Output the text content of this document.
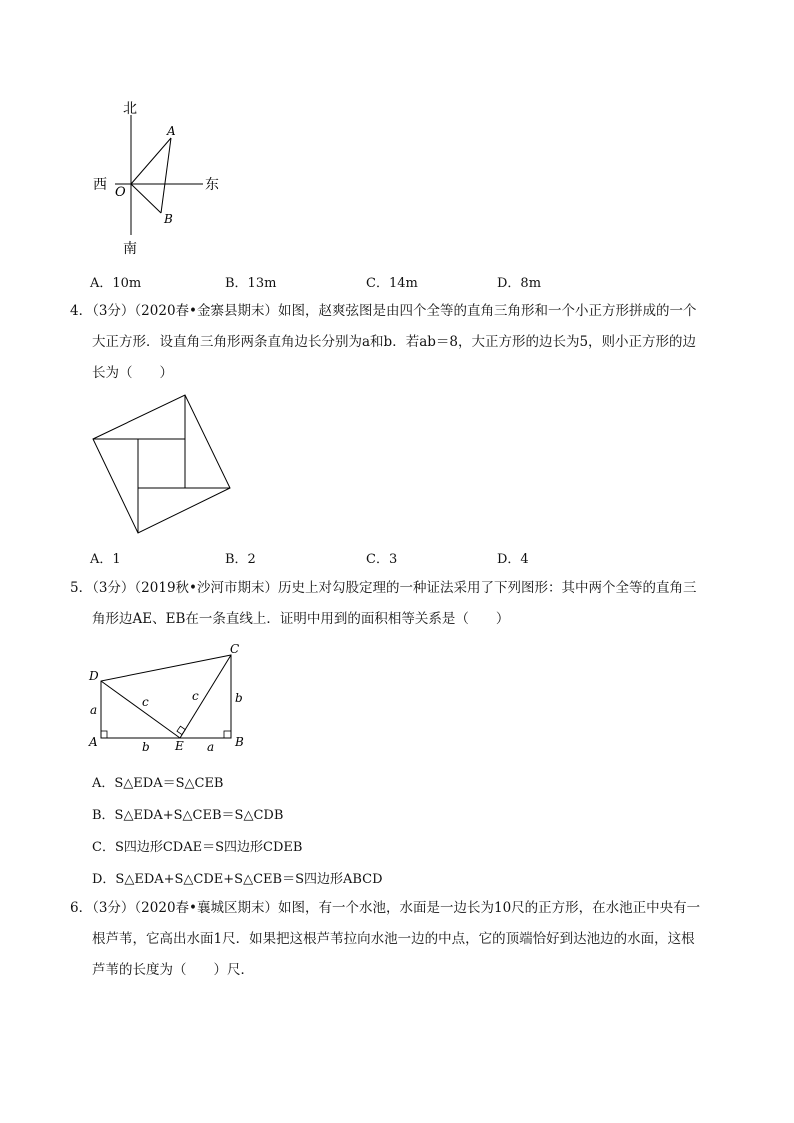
北
南
西	东
O
A
B
A．10m	B．13m	C．14m	D．8m

4．（3分）（2020春•金寨县期末）如图，赵爽弦图是由四个全等的直角三角形和一个小正方形拼成的一个

大正方形．设直角三角形两条直角边长分别为a和b．若ab＝8，大正方形的边长为5，则小正方形的边

长为（　　）

A．1	B．2	C．3	D．4

5．（3分）（2019秋•沙河市期末）历史上对勾股定理的一种证法采用了下列图形：其中两个全等的直角三

角形边AE、EB在一条直线上．证明中用到的面积相等关系是（　　）

D
C
A	E	B
a
b
c	c
b	a
A．S△EDA＝S△CEB
B．S△EDA+S△CEB＝S△CDB
C．S四边形CDAE＝S四边形CDEB
D．S△EDA+S△CDE+S△CEB＝S四边形ABCD

6．（3分）（2020春•襄城区期末）如图，有一个水池，水面是一边长为10尺的正方形，在水池正中央有一

根芦苇，它高出水面1尺．如果把这根芦苇拉向水池一边的中点，它的顶端恰好到达池边的水面，这根

芦苇的长度为（　　）尺．
